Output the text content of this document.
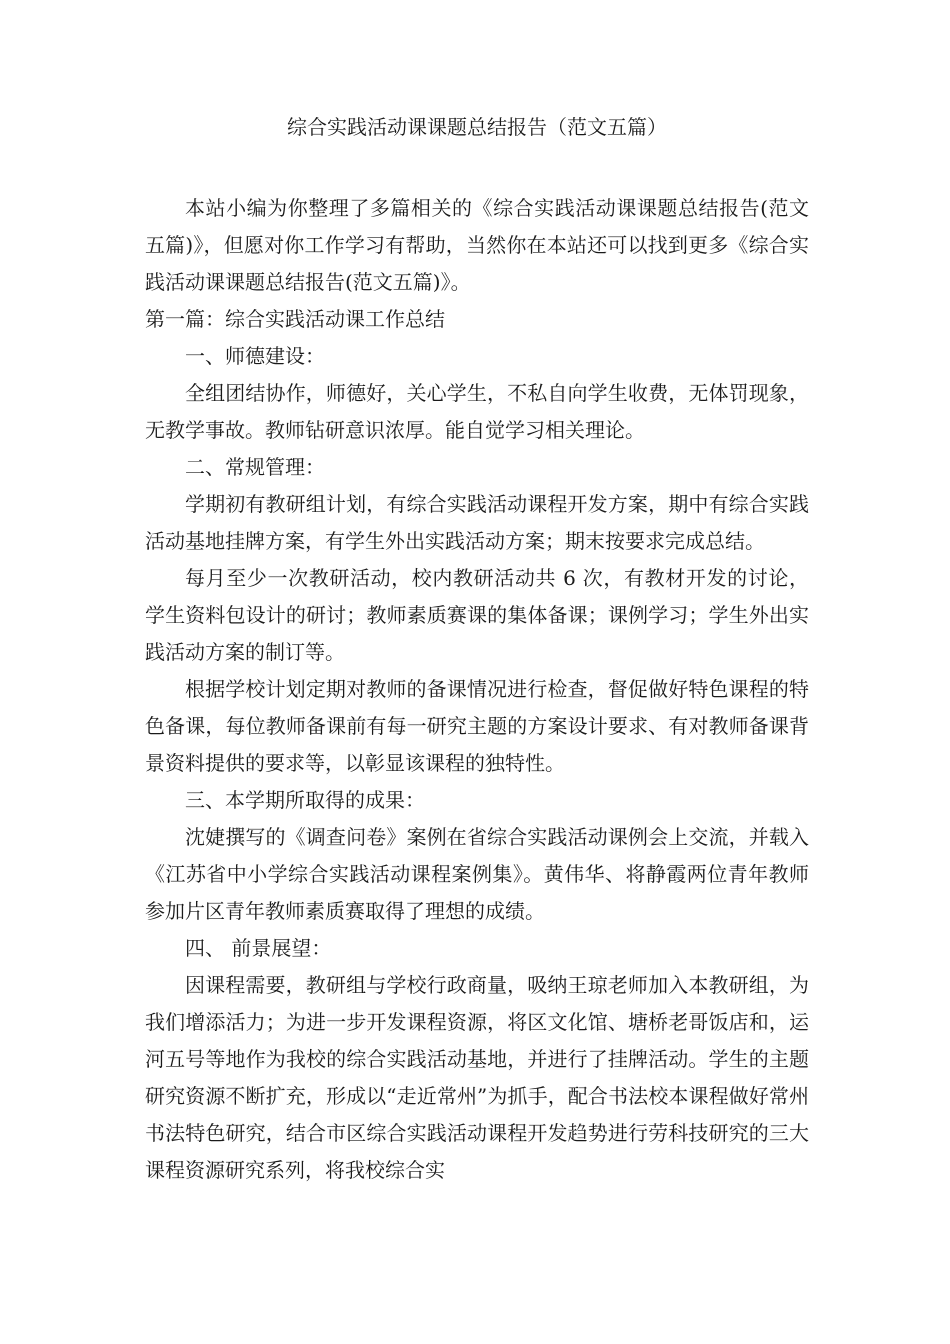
综合实践活动课课题总结报告（范文五篇）

本站小编为你整理了多篇相关的《综合实践活动课课题总结报告(范文五篇)》，但愿对你工作学习有帮助，当然你在本站还可以找到更多《综合实践活动课课题总结报告(范文五篇)》。

第一篇：综合实践活动课工作总结

一、师德建设：

全组团结协作，师德好，关心学生，不私自向学生收费，无体罚现象，无教学事故。教师钻研意识浓厚。能自觉学习相关理论。

二、常规管理：

学期初有教研组计划，有综合实践活动课程开发方案，期中有综合实践活动基地挂牌方案，有学生外出实践活动方案；期末按要求完成总结。

每月至少一次教研活动，校内教研活动共 6 次，有教材开发的讨论，学生资料包设计的研讨；教师素质赛课的集体备课；课例学习；学生外出实践活动方案的制订等。

根据学校计划定期对教师的备课情况进行检查，督促做好特色课程的特色备课，每位教师备课前有每一研究主题的方案设计要求、有对教师备课背景资料提供的要求等，以彰显该课程的独特性。

三、本学期所取得的成果：

沈婕撰写的《调查问卷》案例在省综合实践活动课例会上交流，并载入《江苏省中小学综合实践活动课程案例集》。黄伟华、将静霞两位青年教师参加片区青年教师素质赛取得了理想的成绩。

四、 前景展望：

因课程需要，教研组与学校行政商量，吸纳王琼老师加入本教研组，为我们增添活力；为进一步开发课程资源，将区文化馆、塘桥老哥饭店和，运河五号等地作为我校的综合实践活动基地，并进行了挂牌活动。学生的主题研究资源不断扩充，形成以“走近常州”为抓手，配合书法校本课程做好常州书法特色研究，结合市区综合实践活动课程开发趋势进行劳科技研究的三大课程资源研究系列，将我校综合实
